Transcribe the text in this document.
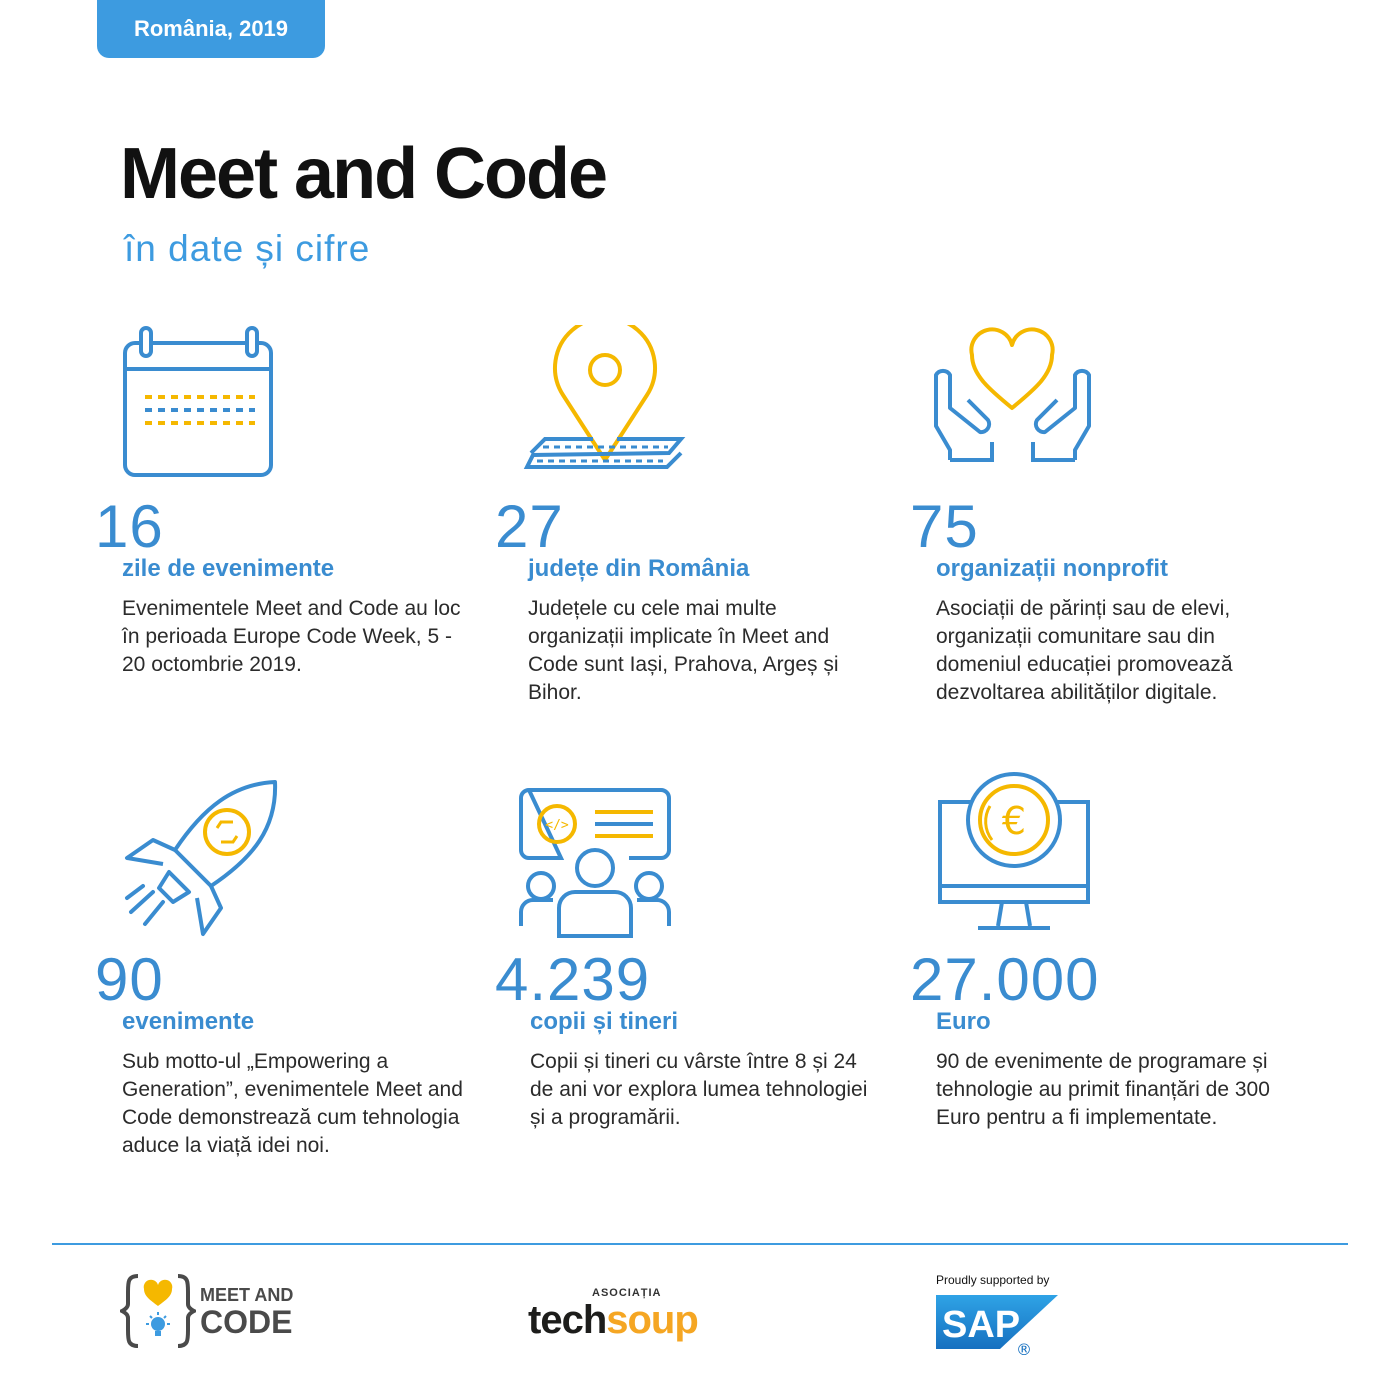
România, 2019
Meet and Code
în date și cifre
16
zile de evenimente
Evenimentele Meet and Code au loc în perioada Europe Code Week, 5 - 20 octombrie 2019.
27
județe din România
Județele cu cele mai multe organizații implicate în Meet and Code sunt Iași, Prahova, Argeș și Bihor.
75
organizații nonprofit
Asociații de părinți sau de elevi, organizații comunitare sau din domeniul educației promovează dezvoltarea abilităților digitale.
90
evenimente
Sub motto-ul „Empowering a Generation”, evenimentele Meet and Code demonstrează cum tehnologia aduce la viață idei noi.
</>
4.239
copii și tineri
Copii și tineri cu vârste între 8 și 24 de ani vor explora lumea tehnologiei și a programării.
€
27.000
Euro
90 de evenimente de programare și tehnologie au primit finanțări de 300 Euro pentru a fi implementate.
MEET AND
CODE
ASOCIAȚIA
techsoup
Proudly supported by
SAP
®
